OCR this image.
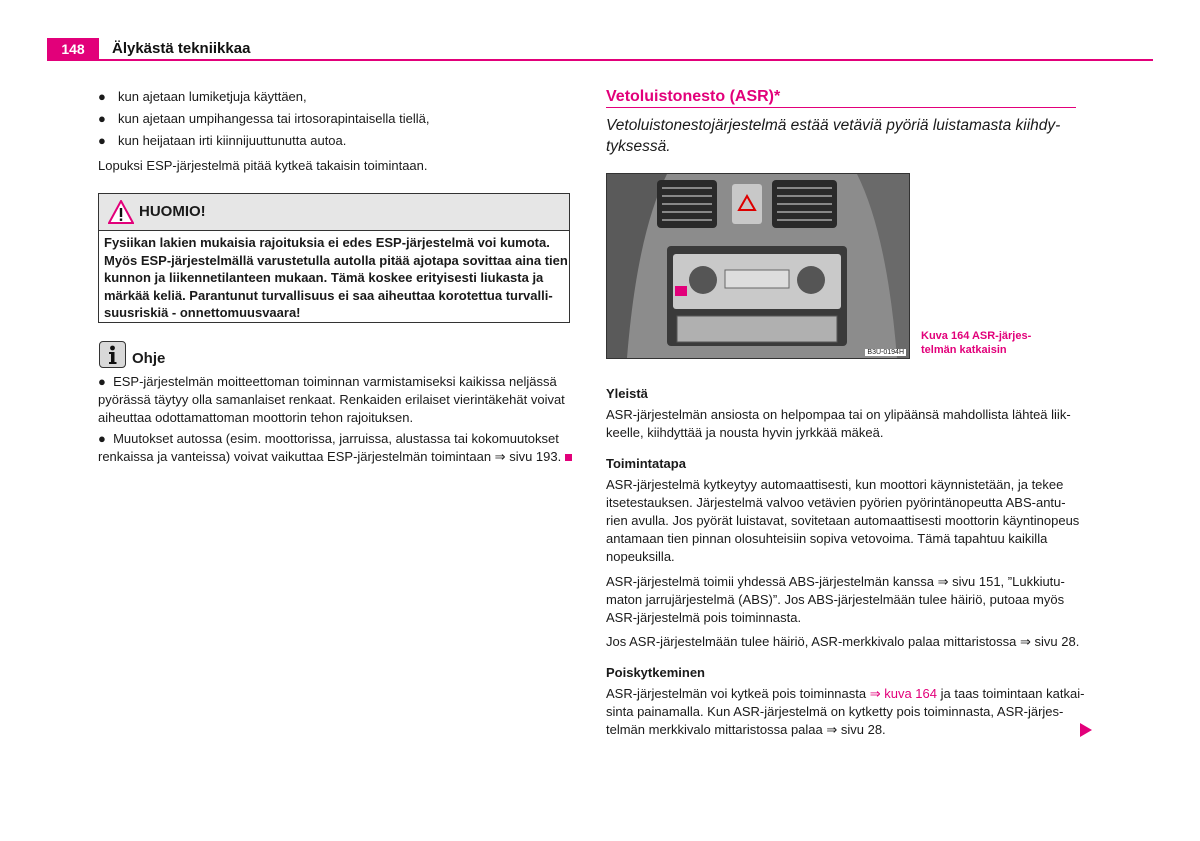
148	Älykästä tekniikkaa
● kun ajetaan lumiketjuja käyttäen,
● kun ajetaan umpihangessa tai irtosorapintaisella tiellä,
● kun heijataan irti kiinnijuuttunutta autoa.
Lopuksi ESP-järjestelmä pitää kytkeä takaisin toimintaan.
HUOMIO!
Fysiikan lakien mukaisia rajoituksia ei edes ESP-järjestelmä voi kumota.
Myös ESP-järjestelmällä varustetulla autolla pitää ajotapa sovittaa aina tien
kunnon ja liikennetilanteen mukaan. Tämä koskee erityisesti liukasta ja
märkää keliä. Parantunut turvallisuus ei saa aiheuttaa korotettua turvalli-
suusriskiä - onnettomuusvaara!
Ohje
●  ESP-järjestelmän moitteettoman toiminnan varmistamiseksi kaikissa neljässä
pyörässä täytyy olla samanlaiset renkaat. Renkaiden erilaiset vierintäkehät voivat
aiheuttaa odottamattoman moottorin tehon rajoituksen.
●  Muutokset autossa (esim. moottorissa, jarruissa, alustassa tai kokomuutokset
renkaissa ja vanteissa) voivat vaikuttaa ESP-järjestelmän toimintaan ⇒ sivu 193.
Vetoluistonesto (ASR)*
Vetoluistonestojärjestelmä estää vetäviä pyöriä luistamasta kiihdy-
tyksessä.
B3U-0194H
Kuva 164 ASR-järjes-
telmän katkaisin
Yleistä
ASR-järjestelmän ansiosta on helpompaa tai on ylipäänsä mahdollista lähteä liik-
keelle, kiihdyttää ja nousta hyvin jyrkkää mäkeä.
Toimintatapa
ASR-järjestelmä kytkeytyy automaattisesti, kun moottori käynnistetään, ja tekee
itsetestauksen. Järjestelmä valvoo vetävien pyörien pyörintänopeutta ABS-antu-
rien avulla. Jos pyörät luistavat, sovitetaan automaattisesti moottorin käyntinopeus
antamaan tien pinnan olosuhteisiin sopiva vetovoima. Tämä tapahtuu kaikilla
nopeuksilla.
ASR-järjestelmä toimii yhdessä ABS-järjestelmän kanssa ⇒ sivu 151, ”Lukkiutu-
maton jarrujärjestelmä (ABS)”. Jos ABS-järjestelmään tulee häiriö, putoaa myös
ASR-järjestelmä pois toiminnasta.
Jos ASR-järjestelmään tulee häiriö, ASR-merkkivalo palaa mittaristossa ⇒ sivu 28.
Poiskytkeminen
ASR-järjestelmän voi kytkeä pois toiminnasta ⇒ kuva 164 ja taas toimintaan katkai-
sinta painamalla. Kun ASR-järjestelmä on kytketty pois toiminnasta, ASR-järjes-
telmän merkkivalo mittaristossa palaa ⇒ sivu 28.
